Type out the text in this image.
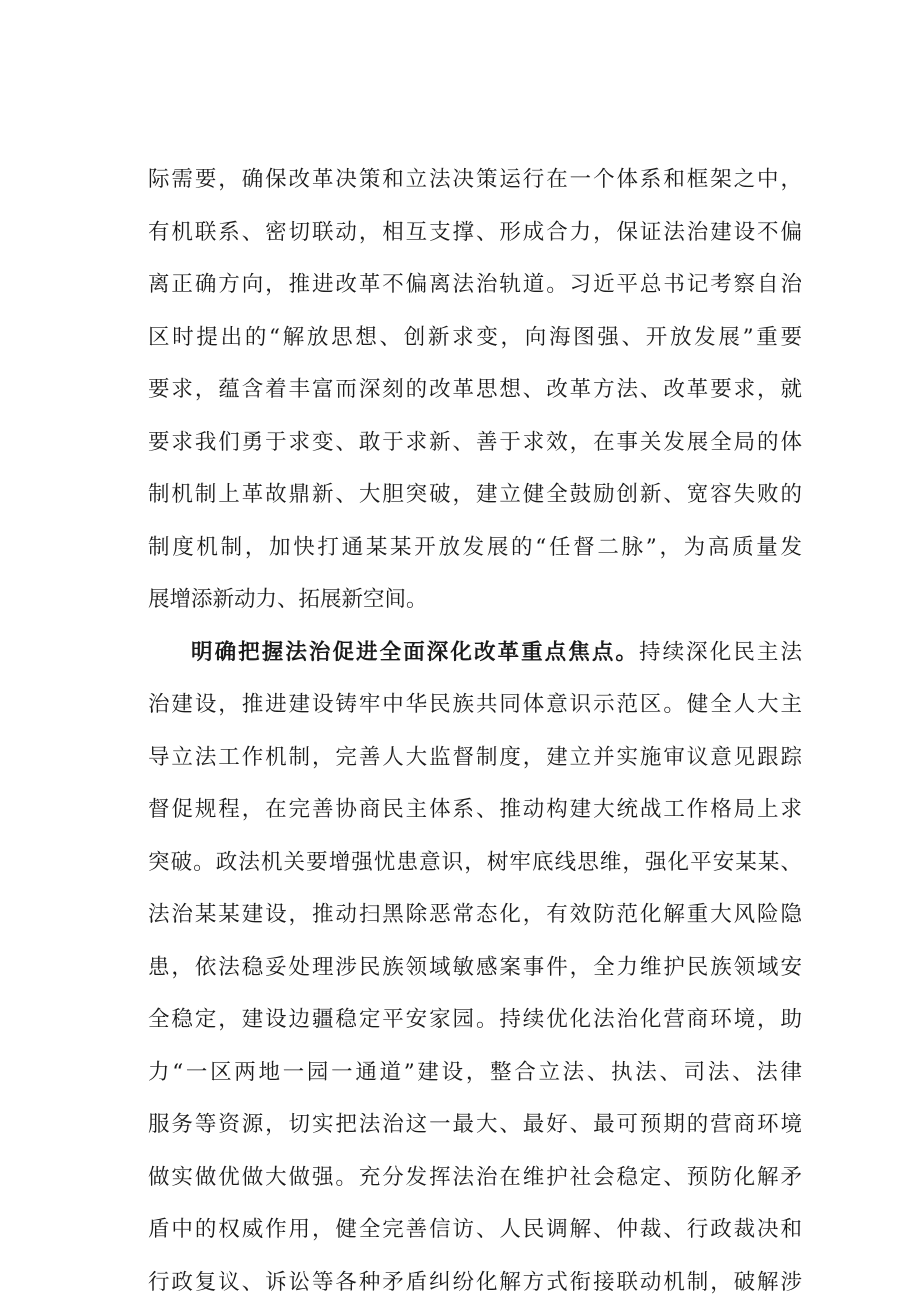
际需要，确保改革决策和立法决策运行在一个体系和框架之中，
有机联系、密切联动，相互支撑、形成合力，保证法治建设不偏
离正确方向，推进改革不偏离法治轨道。习近平总书记考察自治
区时提出的“解放思想、创新求变，向海图强、开放发展”重要
要求，蕴含着丰富而深刻的改革思想、改革方法、改革要求，就
要求我们勇于求变、敢于求新、善于求效，在事关发展全局的体
制机制上革故鼎新、大胆突破，建立健全鼓励创新、宽容失败的
制度机制，加快打通某某开放发展的“任督二脉”，为高质量发
展增添新动力、拓展新空间。
明确把握法治促进全面深化改革重点焦点。持续深化民主法
治建设，推进建设铸牢中华民族共同体意识示范区。健全人大主
导立法工作机制，完善人大监督制度，建立并实施审议意见跟踪
督促规程，在完善协商民主体系、推动构建大统战工作格局上求
突破。政法机关要增强忧患意识，树牢底线思维，强化平安某某、
法治某某建设，推动扫黑除恶常态化，有效防范化解重大风险隐
患，依法稳妥处理涉民族领域敏感案事件，全力维护民族领域安
全稳定，建设边疆稳定平安家园。持续优化法治化营商环境，助
力“一区两地一园一通道”建设，整合立法、执法、司法、法律
服务等资源，切实把法治这一最大、最好、最可预期的营商环境
做实做优做大做强。充分发挥法治在维护社会稳定、预防化解矛
盾中的权威作用，健全完善信访、人民调解、仲裁、行政裁决和
行政复议、诉讼等各种矛盾纠纷化解方式衔接联动机制，破解涉
